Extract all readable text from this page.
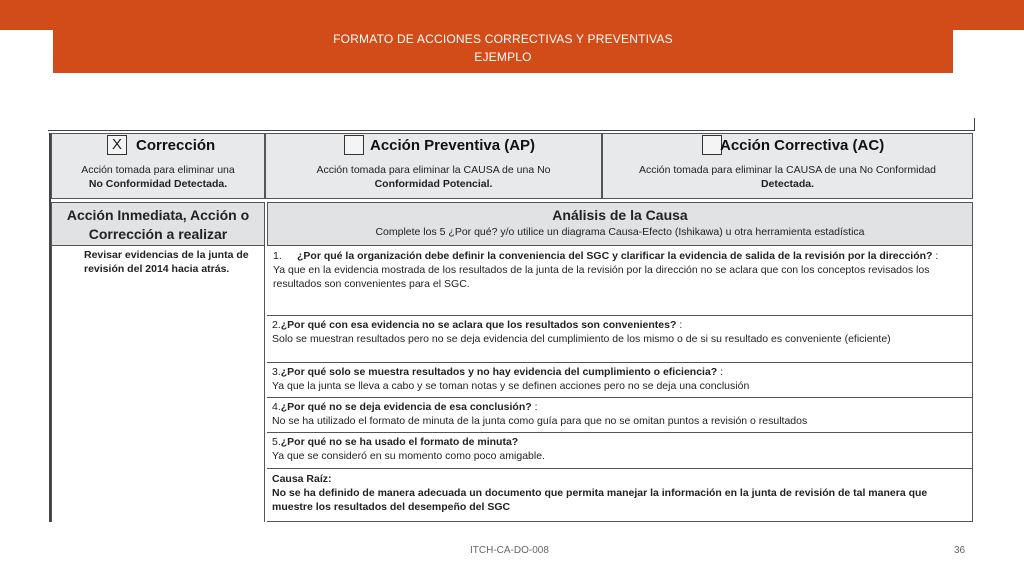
FORMATO DE ACCIONES CORRECTIVAS Y PREVENTIVAS
EJEMPLO
X Corrección
Acción tomada para eliminar una
No Conformidad Detectada.
Acción Preventiva (AP)
Acción tomada para eliminar la CAUSA de una No
Conformidad Potencial.
Acción Correctiva (AC)
Acción tomada para eliminar la CAUSA de una No Conformidad
Detectada.
Acción Inmediata, Acción o
Corrección a realizar
Análisis de la Causa
Complete los 5 ¿Por qué? y/o utilice un diagrama Causa-Efecto (Ishikawa) u otra herramienta estadística
Revisar evidencias de la junta de revisión del 2014 hacia atrás.
1. ¿Por qué la organización debe definir la conveniencia del SGC y clarificar la evidencia de salida de la revisión por la dirección? :
Ya que en la evidencia mostrada de los resultados de la junta de la revisión por la dirección no se aclara que con los conceptos revisados los resultados son convenientes para el SGC.
2.¿Por qué con esa evidencia no se aclara que los resultados son convenientes? :
Solo se muestran resultados pero no se deja evidencia del cumplimiento de los mismo o de si su resultado es conveniente (eficiente)
3.¿Por qué solo se muestra resultados y no hay evidencia del cumplimiento o eficiencia? :
Ya que la junta se lleva a cabo y se toman notas y se definen acciones pero no se deja una conclusión
4.¿Por qué no se deja evidencia de esa conclusión? :
No se ha utilizado el formato de minuta de la junta como guía para que no se omitan puntos a revisión o resultados
5.¿Por qué no se ha usado el formato de minuta?
Ya que se consideró en su momento como poco amigable.
Causa Raíz:
No se ha definido de manera adecuada un documento que permita manejar la información en la junta de revisión de tal manera que muestre los resultados del desempeño del SGC
ITCH-CA-DO-008	36
